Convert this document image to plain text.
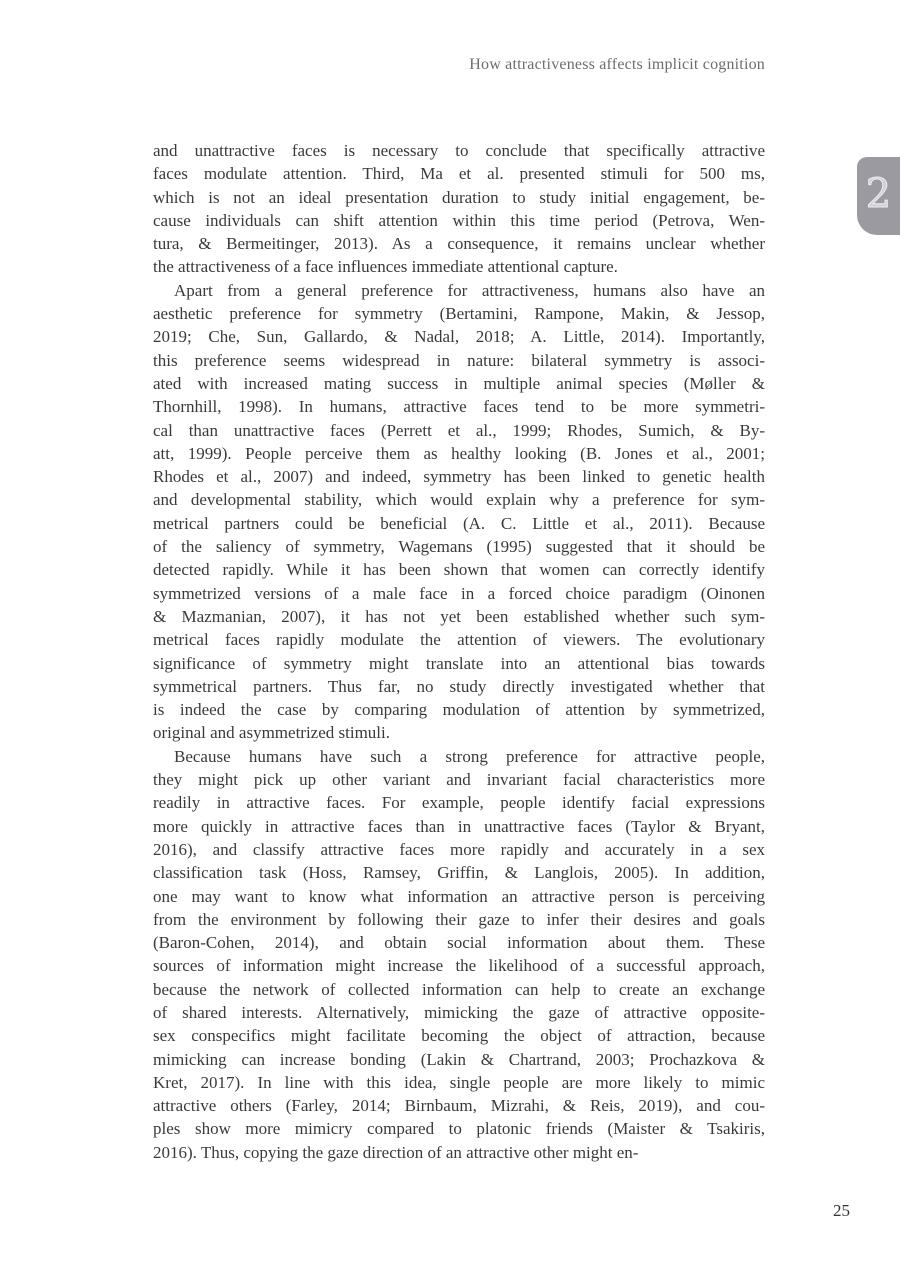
How attractiveness affects implicit cognition
2
and unattractive faces is necessary to conclude that specifically attractive
faces modulate attention. Third, Ma et al. presented stimuli for 500 ms,
which is not an ideal presentation duration to study initial engagement, be-
cause individuals can shift attention within this time period (Petrova, Wen-
tura, & Bermeitinger, 2013). As a consequence, it remains unclear whether
the attractiveness of a face influences immediate attentional capture.
Apart from a general preference for attractiveness, humans also have an
aesthetic preference for symmetry (Bertamini, Rampone, Makin, & Jessop,
2019; Che, Sun, Gallardo, & Nadal, 2018; A. Little, 2014). Importantly,
this preference seems widespread in nature: bilateral symmetry is associ-
ated with increased mating success in multiple animal species (Møller &
Thornhill, 1998). In humans, attractive faces tend to be more symmetri-
cal than unattractive faces (Perrett et al., 1999; Rhodes, Sumich, & By-
att, 1999). People perceive them as healthy looking (B. Jones et al., 2001;
Rhodes et al., 2007) and indeed, symmetry has been linked to genetic health
and developmental stability, which would explain why a preference for sym-
metrical partners could be beneficial (A. C. Little et al., 2011). Because
of the saliency of symmetry, Wagemans (1995) suggested that it should be
detected rapidly. While it has been shown that women can correctly identify
symmetrized versions of a male face in a forced choice paradigm (Oinonen
& Mazmanian, 2007), it has not yet been established whether such sym-
metrical faces rapidly modulate the attention of viewers. The evolutionary
significance of symmetry might translate into an attentional bias towards
symmetrical partners. Thus far, no study directly investigated whether that
is indeed the case by comparing modulation of attention by symmetrized,
original and asymmetrized stimuli.
Because humans have such a strong preference for attractive people,
they might pick up other variant and invariant facial characteristics more
readily in attractive faces. For example, people identify facial expressions
more quickly in attractive faces than in unattractive faces (Taylor & Bryant,
2016), and classify attractive faces more rapidly and accurately in a sex
classification task (Hoss, Ramsey, Griffin, & Langlois, 2005). In addition,
one may want to know what information an attractive person is perceiving
from the environment by following their gaze to infer their desires and goals
(Baron-Cohen, 2014), and obtain social information about them. These
sources of information might increase the likelihood of a successful approach,
because the network of collected information can help to create an exchange
of shared interests. Alternatively, mimicking the gaze of attractive opposite-
sex conspecifics might facilitate becoming the object of attraction, because
mimicking can increase bonding (Lakin & Chartrand, 2003; Prochazkova &
Kret, 2017). In line with this idea, single people are more likely to mimic
attractive others (Farley, 2014; Birnbaum, Mizrahi, & Reis, 2019), and cou-
ples show more mimicry compared to platonic friends (Maister & Tsakiris,
2016). Thus, copying the gaze direction of an attractive other might en-
25
